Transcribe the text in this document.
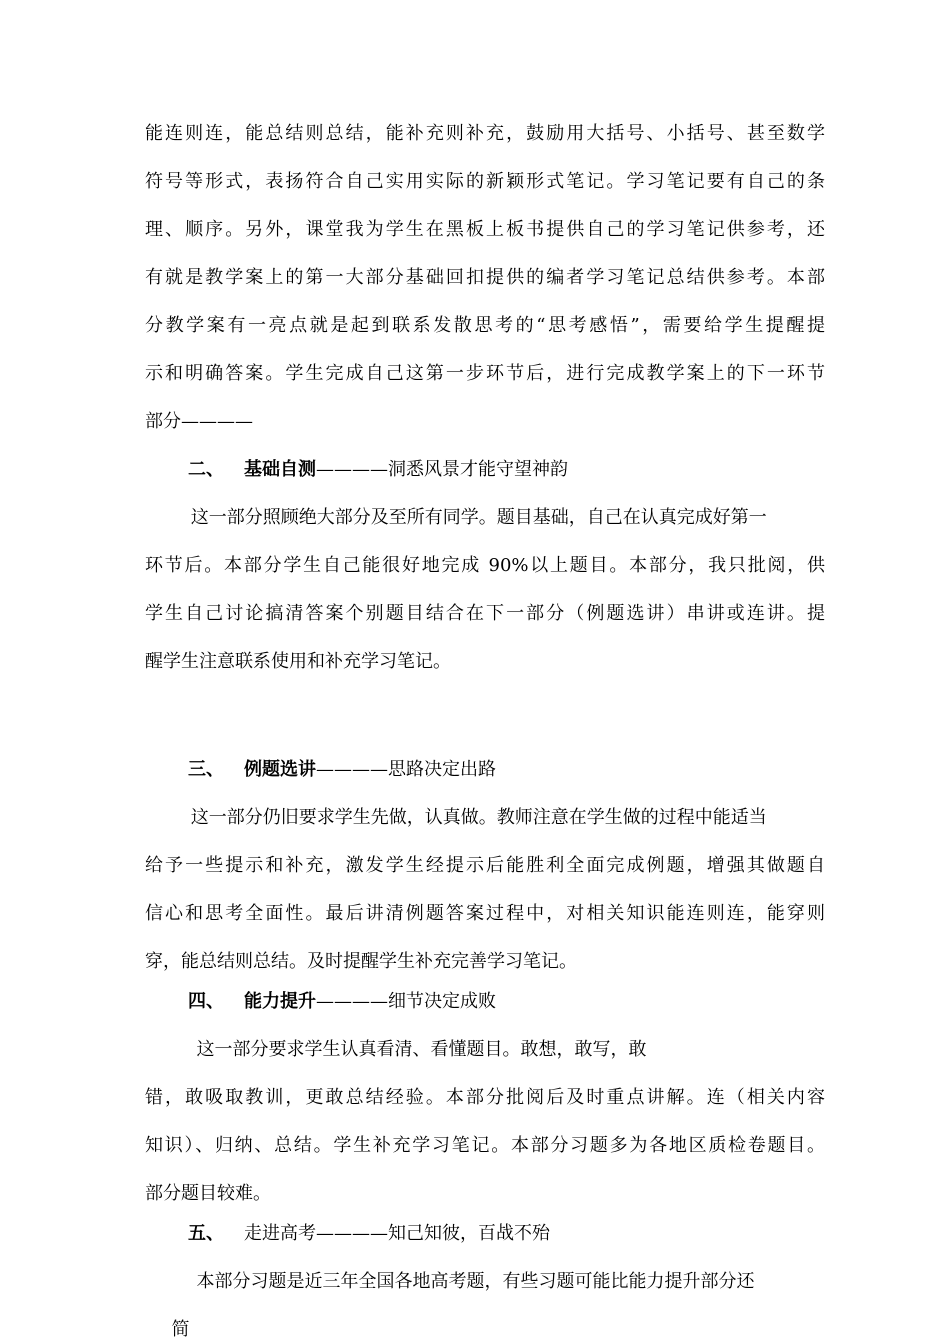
能连则连，能总结则总结，能补充则补充，鼓励用大括号、小括号、甚至数学
符号等形式，表扬符合自己实用实际的新颖形式笔记。学习笔记要有自己的条
理、顺序。另外，课堂我为学生在黑板上板书提供自己的学习笔记供参考，还
有就是教学案上的第一大部分基础回扣提供的编者学习笔记总结供参考。本部
分教学案有一亮点就是起到联系发散思考的“思考感悟”，需要给学生提醒提
示和明确答案。学生完成自己这第一步环节后，进行完成教学案上的下一环节
部分————
二、 基础自测————洞悉风景才能守望神韵
这一部分照顾绝大部分及至所有同学。题目基础，自己在认真完成好第一
环节后。本部分学生自己能很好地完成 90%以上题目。本部分，我只批阅，供
学生自己讨论搞清答案个别题目结合在下一部分（例题选讲）串讲或连讲。提
醒学生注意联系使用和补充学习笔记。
三、 例题选讲————思路决定出路
这一部分仍旧要求学生先做，认真做。教师注意在学生做的过程中能适当
给予一些提示和补充，激发学生经提示后能胜利全面完成例题，增强其做题自
信心和思考全面性。最后讲清例题答案过程中，对相关知识能连则连，能穿则
穿，能总结则总结。及时提醒学生补充完善学习笔记。
四、 能力提升————细节决定成败
这一部分要求学生认真看清、看懂题目。敢想，敢写，敢
错，敢吸取教训，更敢总结经验。本部分批阅后及时重点讲解。连（相关内容
知识）、归纳、总结。学生补充学习笔记。本部分习题多为各地区质检卷题目。
部分题目较难。
五、 走进高考————知己知彼，百战不殆
本部分习题是近三年全国各地高考题，有些习题可能比能力提升部分还
简
